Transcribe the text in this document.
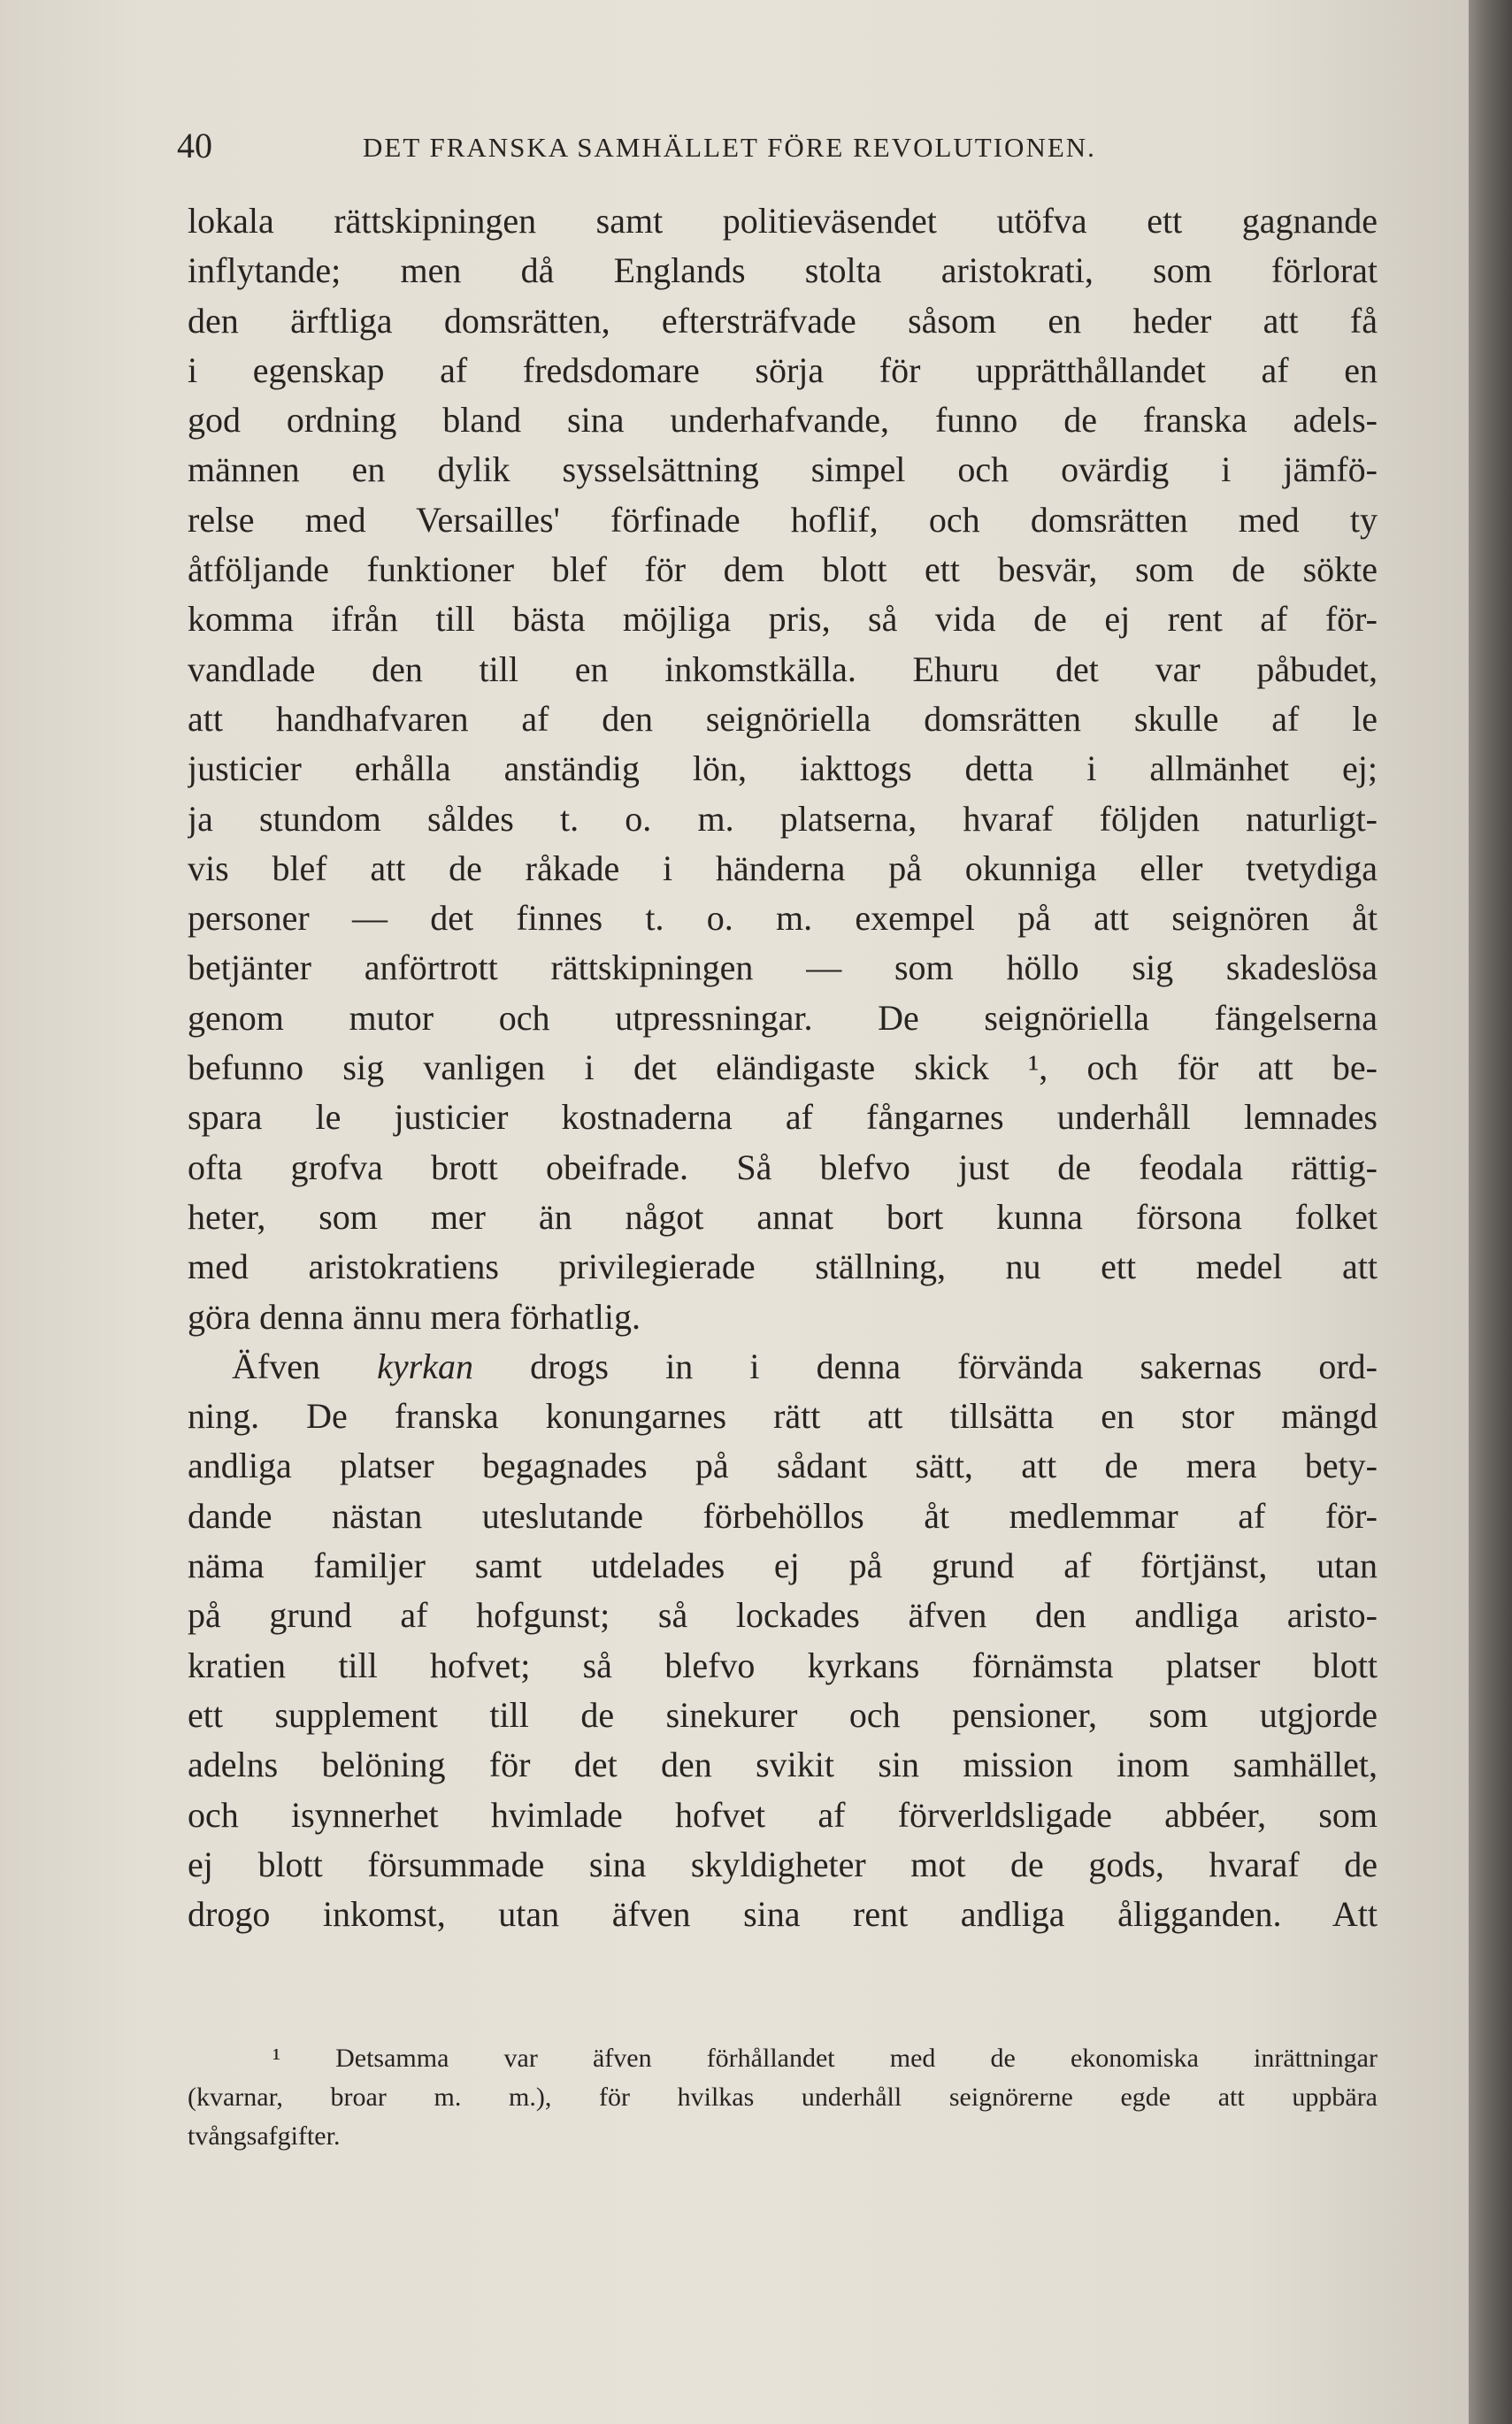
40	DET FRANSKA SAMHÄLLET FÖRE REVOLUTIONEN.
lokala rättskipningen samt politieväsendet utöfva ett gagnande
inflytande; men då Englands stolta aristokrati, som förlorat
den ärftliga domsrätten, eftersträfvade såsom en heder att få
i egenskap af fredsdomare sörja för upprätthållandet af en
god ordning bland sina underhafvande, funno de franska adels-
männen en dylik sysselsättning simpel och ovärdig i jämfö-
relse med Versailles' förfinade hoflif, och domsrätten med ty
åtföljande funktioner blef för dem blott ett besvär, som de sökte
komma ifrån till bästa möjliga pris, så vida de ej rent af för-
vandlade den till en inkomstkälla. Ehuru det var påbudet,
att handhafvaren af den seignöriella domsrätten skulle af le
justicier erhålla anständig lön, iakttogs detta i allmänhet ej;
ja stundom såldes t. o. m. platserna, hvaraf följden naturligt-
vis blef att de råkade i händerna på okunniga eller tvetydiga
personer — det finnes t. o. m. exempel på att seignören åt
betjänter anförtrott rättskipningen — som höllo sig skadeslösa
genom mutor och utpressningar. De seignöriella fängelserna
befunno sig vanligen i det eländigaste skick ¹, och för att be-
spara le justicier kostnaderna af fångarnes underhåll lemnades
ofta grofva brott obeifrade. Så blefvo just de feodala rättig-
heter, som mer än något annat bort kunna försona folket
med aristokratiens privilegierade ställning, nu ett medel att
göra denna ännu mera förhatlig.
Äfven kyrkan drogs in i denna förvända sakernas ord-
ning. De franska konungarnes rätt att tillsätta en stor mängd
andliga platser begagnades på sådant sätt, att de mera bety-
dande nästan uteslutande förbehöllos åt medlemmar af för-
näma familjer samt utdelades ej på grund af förtjänst, utan
på grund af hofgunst; så lockades äfven den andliga aristo-
kratien till hofvet; så blefvo kyrkans förnämsta platser blott
ett supplement till de sinekurer och pensioner, som utgjorde
adelns belöning för det den svikit sin mission inom samhället,
och isynnerhet hvimlade hofvet af förverldsligade abbéer, som
ej blott försummade sina skyldigheter mot de gods, hvaraf de
drogo inkomst, utan äfven sina rent andliga åligganden. Att
¹ Detsamma var äfven förhållandet med de ekonomiska inrättningar
(kvarnar, broar m. m.), för hvilkas underhåll seignörerne egde att uppbära
tvångsafgifter.
